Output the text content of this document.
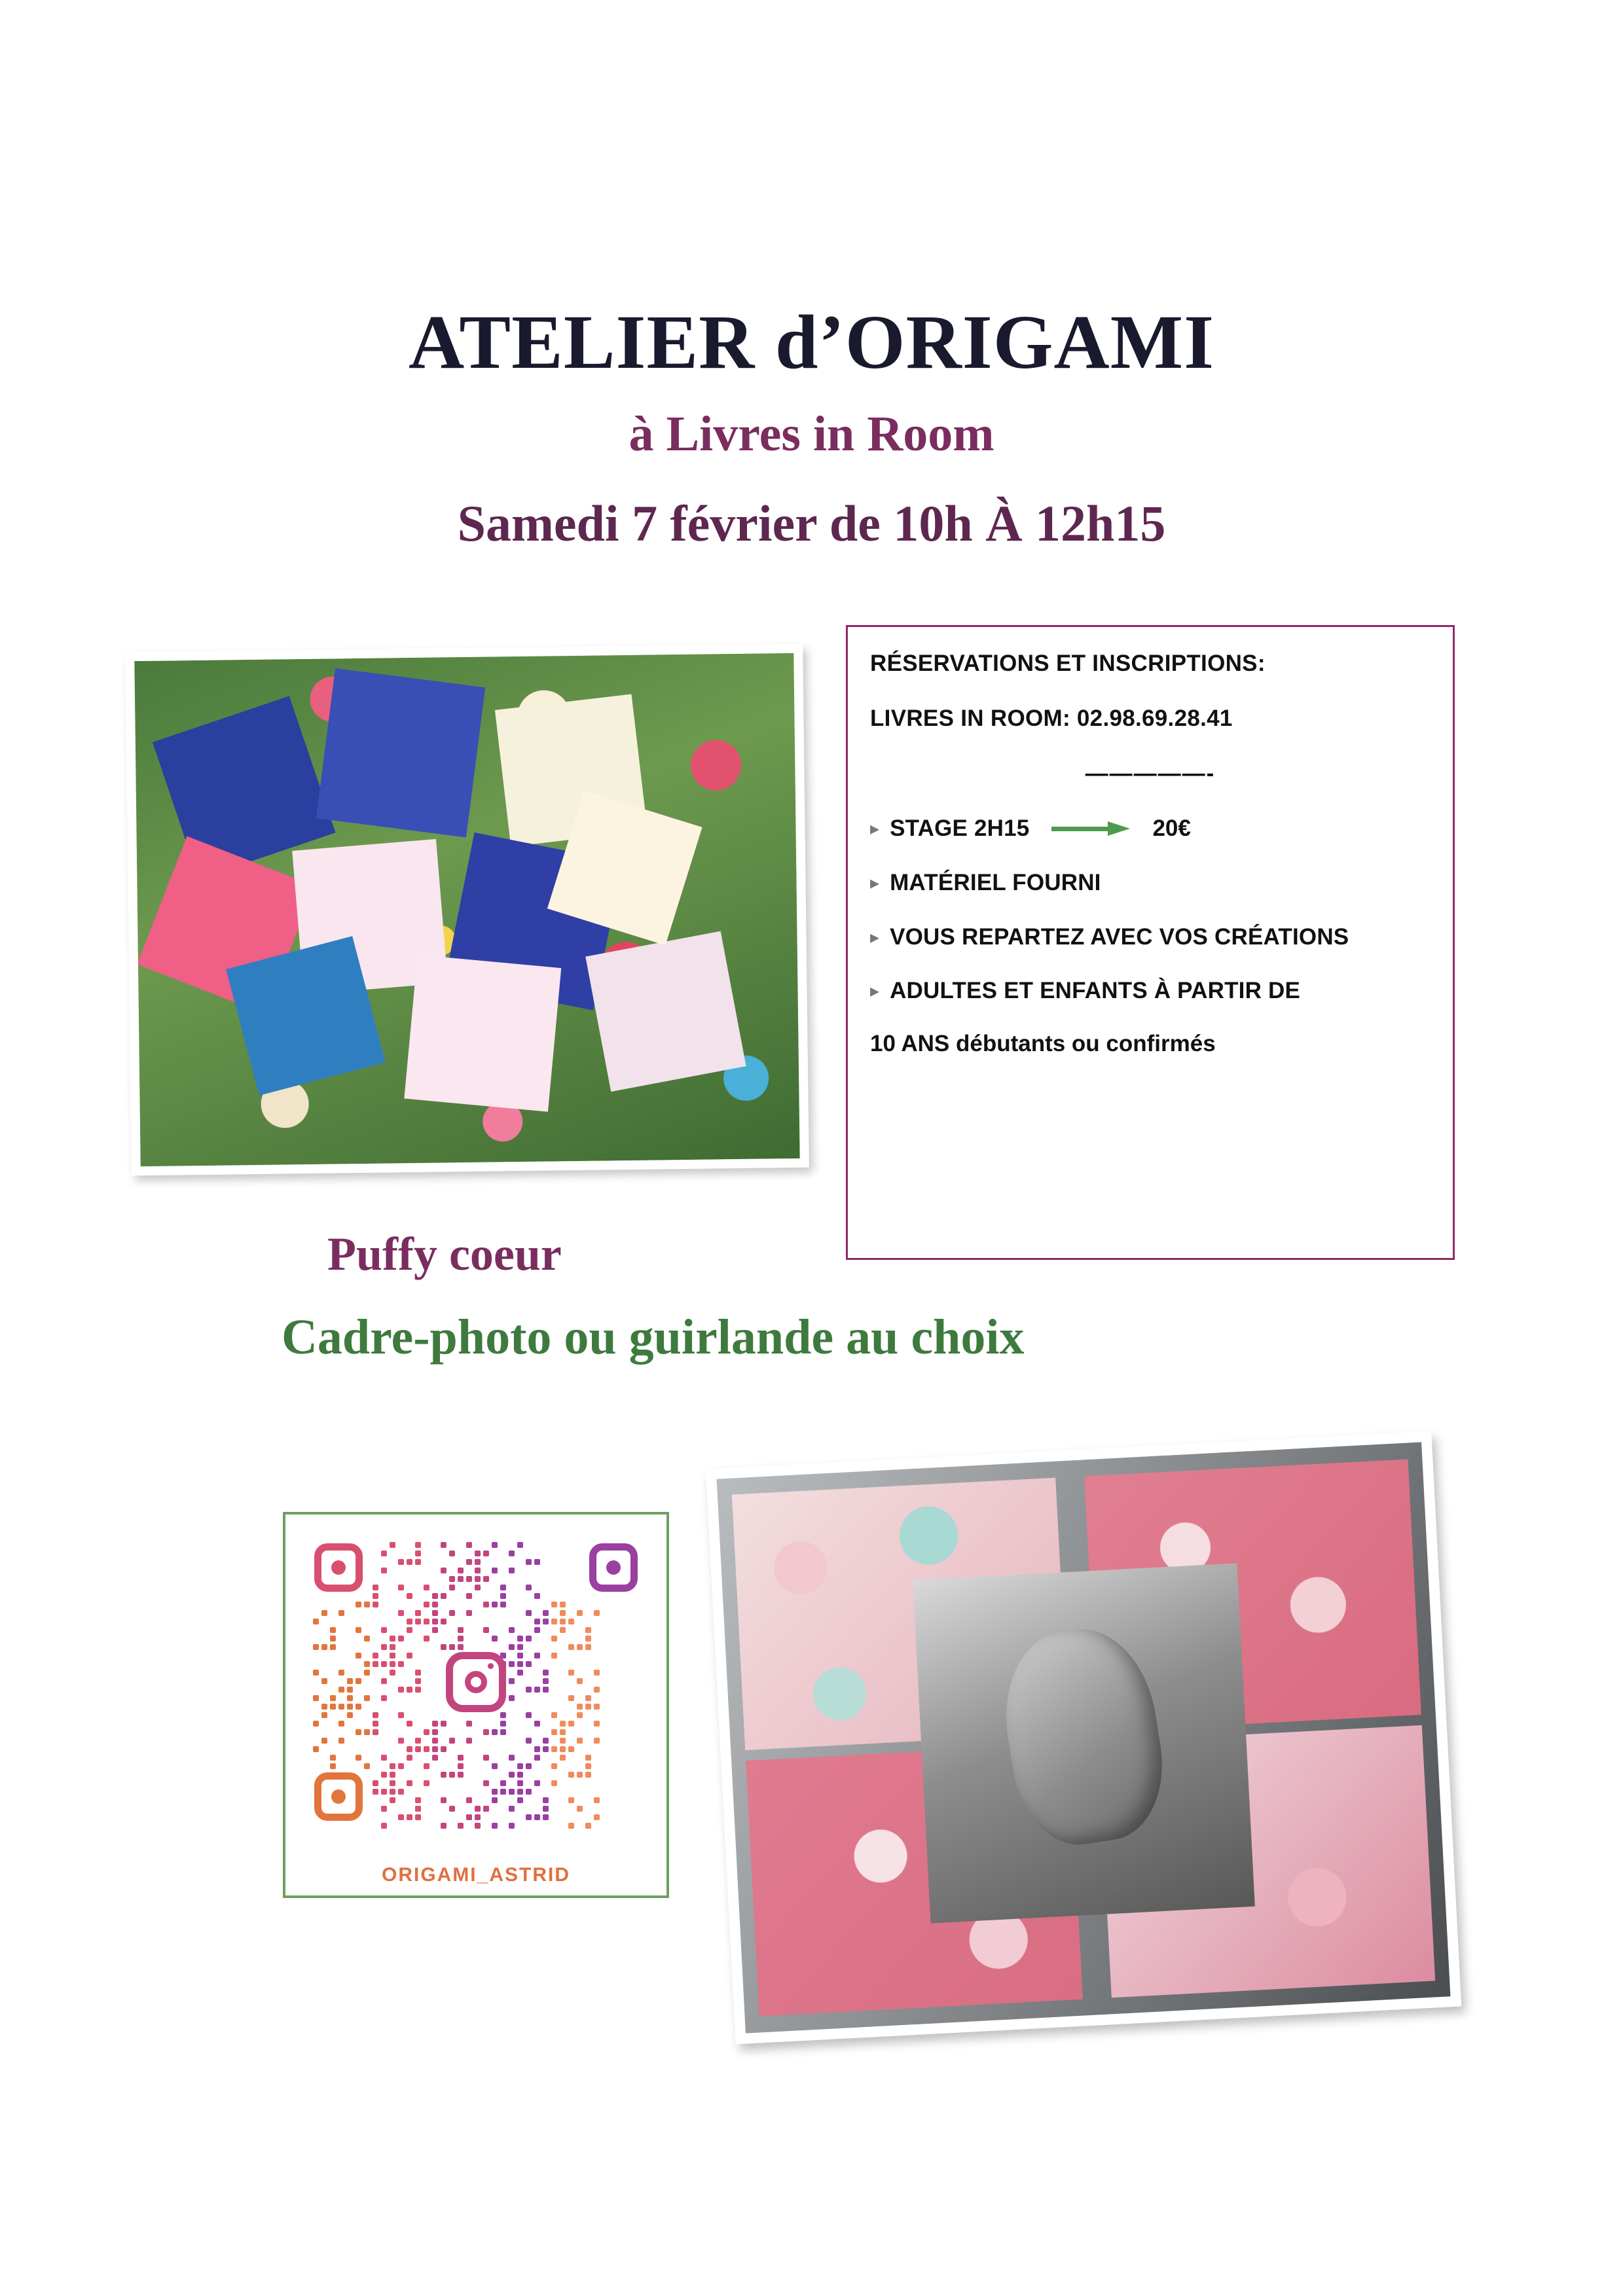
ATELIER d’ORIGAMI
à Livres in Room
Samedi 7 février de 10h À 12h15
Puffy coeur
Cadre-photo ou guirlande au choix
RÉSERVATIONS ET INSCRIPTIONS:
LIVRES IN ROOM: 02.98.69.28.41
—————-
▸ STAGE 2H15	20€
▸ MATÉRIEL FOURNI
▸ VOUS REPARTEZ AVEC VOS CRÉATIONS
▸ ADULTES ET ENFANTS À PARTIR DE
10 ANS débutants ou confirmés
ORIGAMI_ASTRID
